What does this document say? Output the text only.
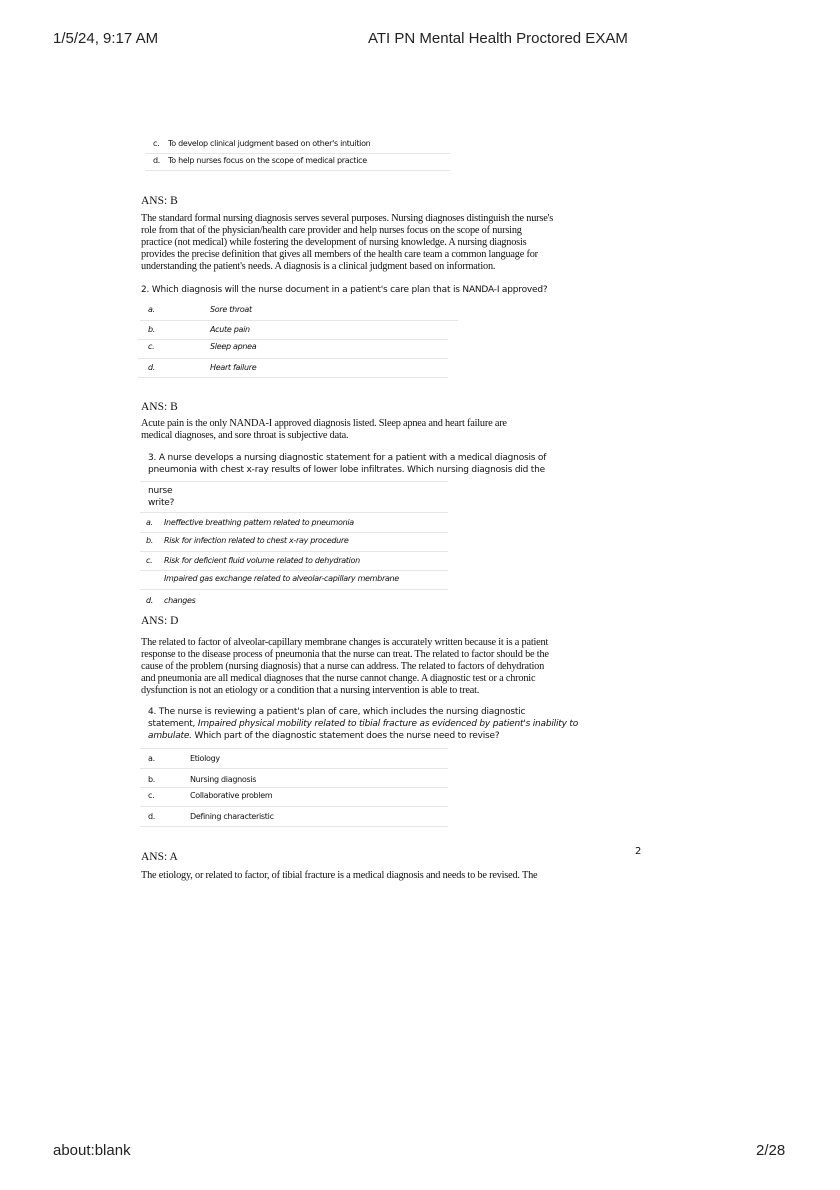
1/5/24, 9:17 AM	ATI PN Mental Health Proctored EXAM
c. To develop clinical judgment based on other's intuition
d. To help nurses focus on the scope of medical practice
ANS: B
The standard formal nursing diagnosis serves several purposes. Nursing diagnoses distinguish the nurse's
role from that of the physician/health care provider and help nurses focus on the scope of nursing
practice (not medical) while fostering the development of nursing knowledge. A nursing diagnosis
provides the precise definition that gives all members of the health care team a common language for
understanding the patient's needs. A diagnosis is a clinical judgment based on information.
2. Which diagnosis will the nurse document in a patient's care plan that is NANDA-I approved?
a.	Sore throat
b.	Acute pain
c.	Sleep apnea
d.	Heart failure
ANS: B
Acute pain is the only NANDA-I approved diagnosis listed. Sleep apnea and heart failure are
medical diagnoses, and sore throat is subjective data.
3. A nurse develops a nursing diagnostic statement for a patient with a medical diagnosis of
pneumonia with chest x-ray results of lower lobe infiltrates. Which nursing diagnosis did the
nurse
write?
a. Ineffective breathing pattern related to pneumonia
b. Risk for infection related to chest x-ray procedure
c. Risk for deficient fluid volume related to dehydration
Impaired gas exchange related to alveolar-capillary membrane
d. changes
ANS: D
The related to factor of alveolar-capillary membrane changes is accurately written because it is a patient
response to the disease process of pneumonia that the nurse can treat. The related to factor should be the
cause of the problem (nursing diagnosis) that a nurse can address. The related to factors of dehydration
and pneumonia are all medical diagnoses that the nurse cannot change. A diagnostic test or a chronic
dysfunction is not an etiology or a condition that a nursing intervention is able to treat.
4. The nurse is reviewing a patient's plan of care, which includes the nursing diagnostic
statement, Impaired physical mobility related to tibial fracture as evidenced by patient's inability to
ambulate. Which part of the diagnostic statement does the nurse need to revise?
a.	Etiology
b.	Nursing diagnosis
c.	Collaborative problem
d.	Defining characteristic
2
ANS: A
The etiology, or related to factor, of tibial fracture is a medical diagnosis and needs to be revised. The
about:blank	2/28
